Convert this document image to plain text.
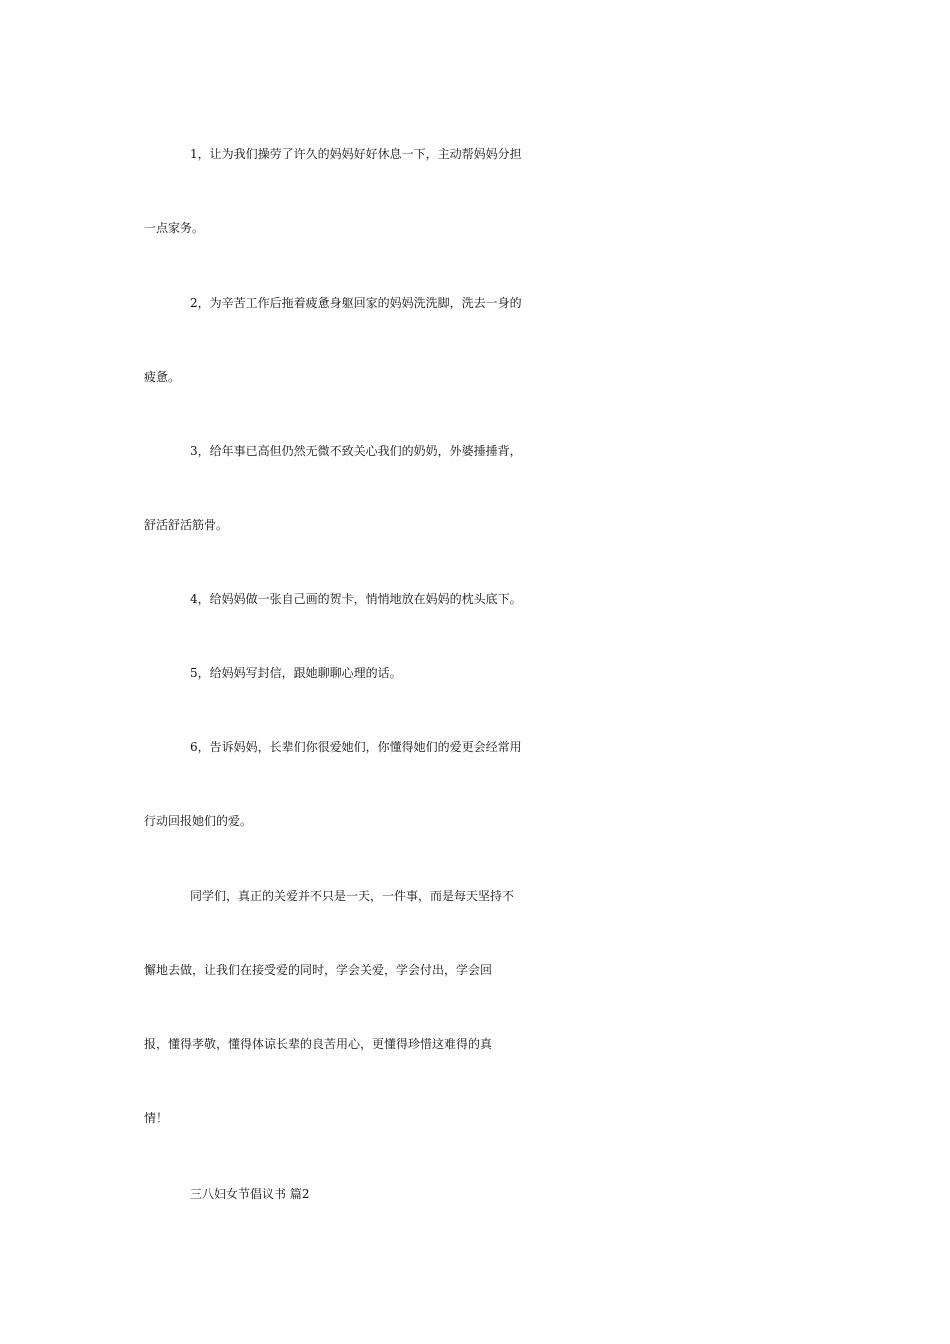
1，让为我们操劳了许久的妈妈好好休息一下，主动帮妈妈分担
一点家务。

2，为辛苦工作后拖着疲惫身躯回家的妈妈洗洗脚，洗去一身的
疲惫。

3，给年事已高但仍然无微不致关心我们的奶奶，外婆捶捶背，
舒活舒活筋骨。

4，给妈妈做一张自己画的贺卡，悄悄地放在妈妈的枕头底下。

5，给妈妈写封信，跟她聊聊心理的话。

6，告诉妈妈，长辈们你很爱她们，你懂得她们的爱更会经常用
行动回报她们的爱。

同学们，真正的关爱并不只是一天，一件事，而是每天坚持不
懈地去做，让我们在接受爱的同时，学会关爱，学会付出，学会回
报，懂得孝敬，懂得体谅长辈的良苦用心，更懂得珍惜这难得的真
情！

三八妇女节倡议书 篇2
